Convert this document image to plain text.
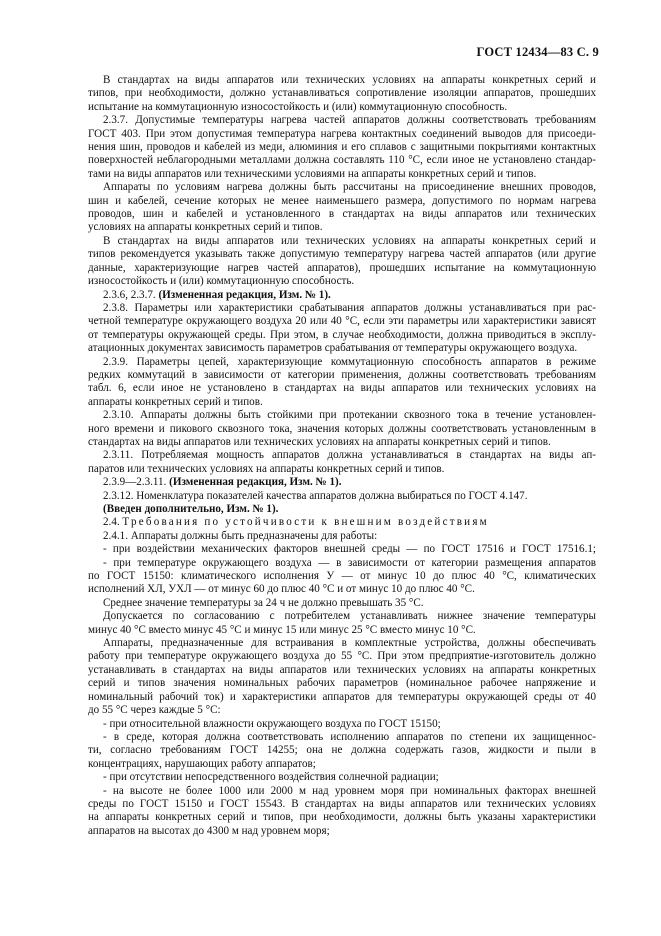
ГОСТ 12434—83 С. 9
В стандартах на виды аппаратов или технических условиях на аппараты конкретных серий и
типов, при необходимости, должно устанавливаться сопротивление изоляции аппаратов, прошедших
испытание на коммутационную износостойкость и (или) коммутационную способность.
2.3.7. Допустимые температуры нагрева частей аппаратов должны соответствовать требованиям
ГОСТ 403. При этом допустимая температура нагрева контактных соединений выводов для присоеди-
нения шин, проводов и кабелей из меди, алюминия и его сплавов с защитными покрытиями контактных
поверхностей неблагородными металлами должна составлять 110 °С, если иное не установлено стандар-
тами на виды аппаратов или техническими условиями на аппараты конкретных серий и типов.
Аппараты по условиям нагрева должны быть рассчитаны на присоединение внешних проводов,
шин и кабелей, сечение которых не менее наименьшего размера, допустимого по нормам нагрева
проводов, шин и кабелей и установленного в стандартах на виды аппаратов или технических
условиях на аппараты конкретных серий и типов.
В стандартах на виды аппаратов или технических условиях на аппараты конкретных серий и
типов рекомендуется указывать также допустимую температуру нагрева частей аппаратов (или другие
данные, характеризующие нагрев частей аппаратов), прошедших испытание на коммутационную
износостойкость и (или) коммутационную способность.
2.3.6, 2.3.7. (Измененная редакция, Изм. № 1).
2.3.8. Параметры или характеристики срабатывания аппаратов должны устанавливаться при рас-
четной температуре окружающего воздуха 20 или 40 °С, если эти параметры или характеристики зависят
от температуры окружающей среды. При этом, в случае необходимости, должна приводиться в эксплу-
атационных документах зависимость параметров срабатывания от температуры окружающего воздуха.
2.3.9. Параметры цепей, характеризующие коммутационную способность аппаратов в режиме
редких коммутаций в зависимости от категории применения, должны соответствовать требованиям
табл. 6, если иное не установлено в стандартах на виды аппаратов или технических условиях на
аппараты конкретных серий и типов.
2.3.10. Аппараты должны быть стойкими при протекании сквозного тока в течение установлен-
ного времени и пикового сквозного тока, значения которых должны соответствовать установленным в
стандартах на виды аппаратов или технических условиях на аппараты конкретных серий и типов.
2.3.11. Потребляемая мощность аппаратов должна устанавливаться в стандартах на виды ап-
паратов или технических условиях на аппараты конкретных серий и типов.
2.3.9—2.3.11. (Измененная редакция, Изм. № 1).
2.3.12. Номенклатура показателей качества аппаратов должна выбираться по ГОСТ 4.147.
(Введен дополнительно, Изм. № 1).
2.4. Требования по устойчивости к внешним воздействиям
2.4.1. Аппараты должны быть предназначены для работы:
- при воздействии механических факторов внешней среды — по ГОСТ 17516 и ГОСТ 17516.1;
- при температуре окружающего воздуха — в зависимости от категории размещения аппаратов
по ГОСТ 15150: климатического исполнения У — от минус 10 до плюс 40 °С, климатических
исполнений ХЛ, УХЛ — от минус 60 до плюс 40 °С и от минус 10 до плюс 40 °С.
Среднее значение температуры за 24 ч не должно превышать 35 °С.
Допускается по согласованию с потребителем устанавливать нижнее значение температуры
минус 40 °С вместо минус 45 °С и минус 15 или минус 25 °С вместо минус 10 °С.
Аппараты, предназначенные для встраивания в комплектные устройства, должны обеспечивать
работу при температуре окружающего воздуха до 55 °С. При этом предприятие-изготовитель должно
устанавливать в стандартах на виды аппаратов или технических условиях на аппараты конкретных
серий и типов значения номинальных рабочих параметров (номинальное рабочее напряжение и
номинальный рабочий ток) и характеристики аппаратов для температуры окружающей среды от 40
до 55 °С через каждые 5 °С:
- при относительной влажности окружающего воздуха по ГОСТ 15150;
- в среде, которая должна соответствовать исполнению аппаратов по степени их защищеннос-
ти, согласно требованиям ГОСТ 14255; она не должна содержать газов, жидкости и пыли в
концентрациях, нарушающих работу аппаратов;
- при отсутствии непосредственного воздействия солнечной радиации;
- на высоте не более 1000 или 2000 м над уровнем моря при номинальных факторах внешней
среды по ГОСТ 15150 и ГОСТ 15543. В стандартах на виды аппаратов или технических условиях
на аппараты конкретных серий и типов, при необходимости, должны быть указаны характеристики
аппаратов на высотах до 4300 м над уровнем моря;
